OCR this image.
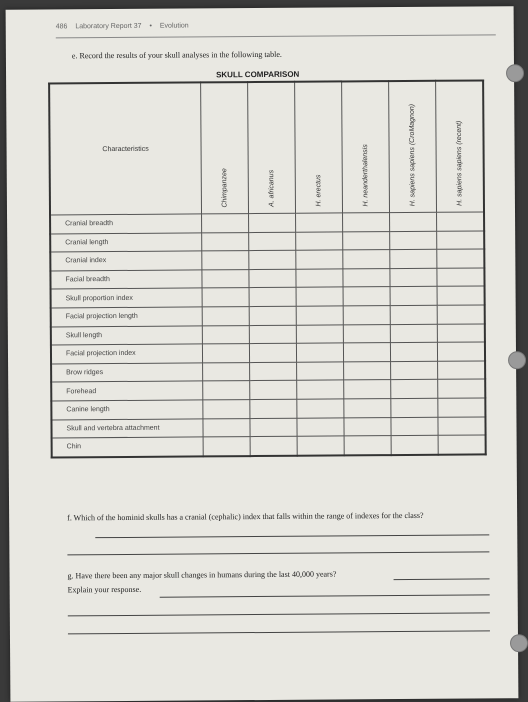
486 Laboratory Report 37 • Evolution
e. Record the results of your skull analyses in the following table.
SKULL COMPARISON
Characteristics	Chimpanzee	A. africanus	H. erectus	H. neanderthalensis	H. sapiens sapiens (CroMagnon)	H. sapiens sapiens (recent)

Cranial breadth						
Cranial length						
Cranial index						
Facial breadth						
Skull proportion index						
Facial projection length						
Skull length						
Facial projection index						
Brow ridges						
Forehead						
Canine length						
Skull and vertebra attachment						
Chin						
f. Which of the hominid skulls has a cranial (cephalic) index that falls within the range of indexes for the class?
g. Have there been any major skull changes in humans during the last 40,000 years?
Explain your response.
